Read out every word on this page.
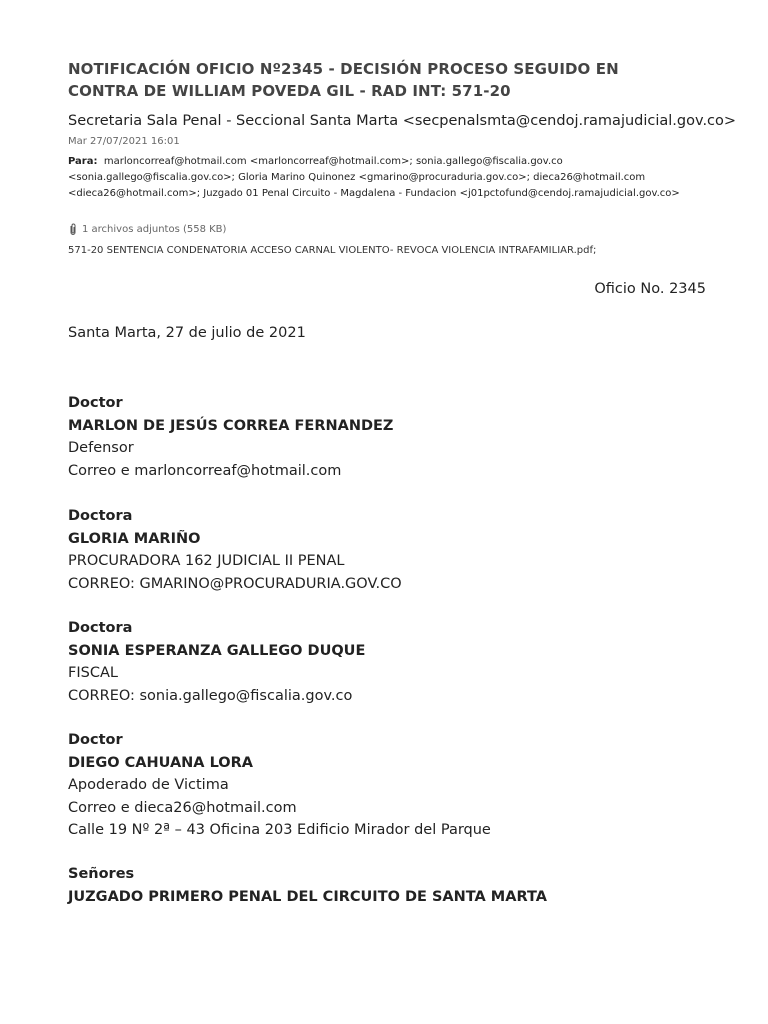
NOTIFICACIÓN OFICIO Nº2345 - DECISIÓN PROCESO SEGUIDO EN CONTRA DE WILLIAM POVEDA GIL - RAD INT: 571-20
Secretaria Sala Penal - Seccional Santa Marta <secpenalsmta@cendoj.ramajudicial.gov.co>
Mar 27/07/2021 16:01
Para: marloncorreaf@hotmail.com <marloncorreaf@hotmail.com>; sonia.gallego@fiscalia.gov.co
<sonia.gallego@fiscalia.gov.co>; Gloria Marino Quinonez <gmarino@procuraduria.gov.co>; dieca26@hotmail.com
<dieca26@hotmail.com>; Juzgado 01 Penal Circuito - Magdalena - Fundacion <j01pctofund@cendoj.ramajudicial.gov.co>
1 archivos adjuntos (558 KB)
571-20 SENTENCIA CONDENATORIA ACCESO CARNAL VIOLENTO- REVOCA VIOLENCIA INTRAFAMILIAR.pdf;
Oficio No. 2345
Santa Marta, 27 de julio de 2021
Doctor
MARLON DE JESÚS CORREA FERNANDEZ
Defensor
Correo e marloncorreaf@hotmail.com
Doctora
GLORIA MARIÑO
PROCURADORA 162 JUDICIAL II PENAL
CORREO: GMARINO@PROCURADURIA.GOV.CO
Doctora
SONIA ESPERANZA GALLEGO DUQUE
FISCAL
CORREO: sonia.gallego@fiscalia.gov.co
Doctor
DIEGO CAHUANA LORA
Apoderado de Victima
Correo e dieca26@hotmail.com
Calle 19 Nº 2ª – 43 Oficina 203 Edificio Mirador del Parque
Señores
JUZGADO PRIMERO PENAL DEL CIRCUITO DE SANTA MARTA
